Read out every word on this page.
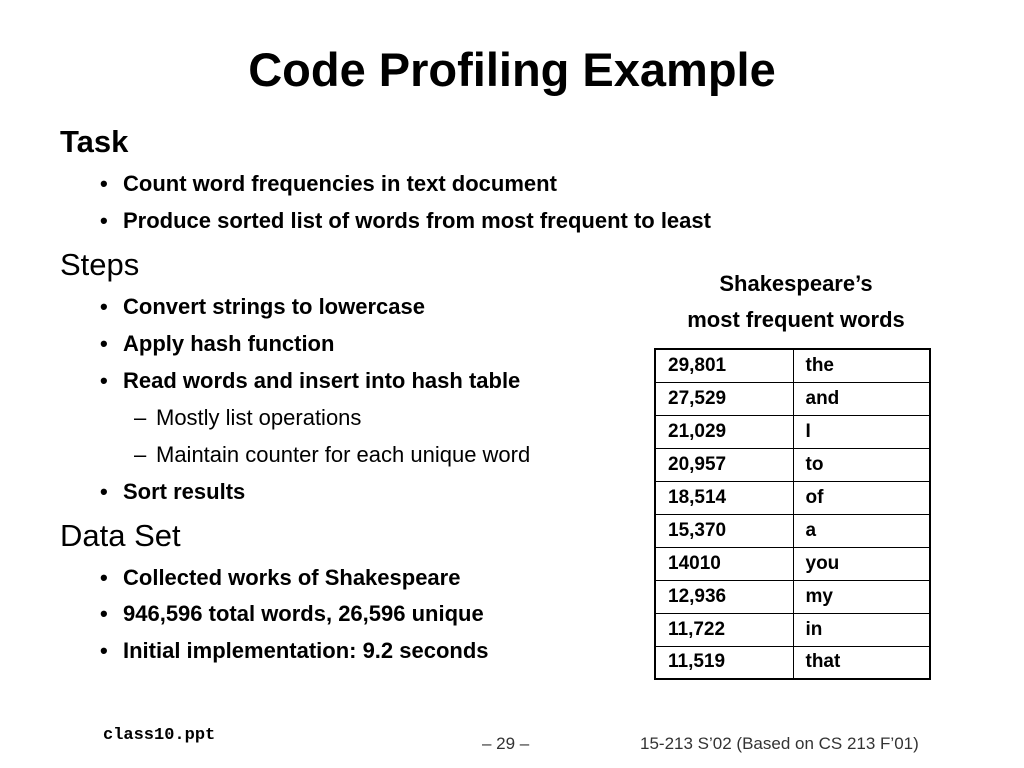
Code Profiling Example
Task
• Count word frequencies in text document
• Produce sorted list of words from most frequent to least
Steps
• Convert strings to lowercase
• Apply hash function
• Read words and insert into hash table
– Mostly list operations
– Maintain counter for each unique word
• Sort results
Data Set
• Collected works of Shakespeare
• 946,596 total words, 26,596 unique
• Initial implementation: 9.2 seconds
Shakespeare’s
most frequent words
29,801	the
27,529	and
21,029	I
20,957	to
18,514	of
15,370	a
14010	you
12,936	my
11,722	in
11,519	that
class10.ppt	– 29 –	15-213 S’02 (Based on CS 213 F’01)
